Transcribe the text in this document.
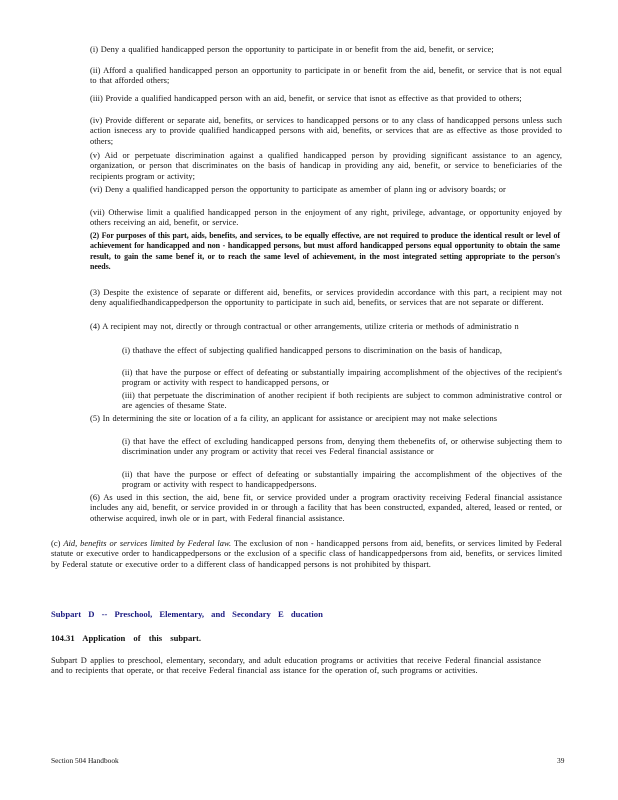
(i) Deny a qualified handicapped person the opportunity to participate in or benefit from the aid, benefit, or service;
(ii) Afford a qualified handicapped person an opportunity to participate in or benefit from the aid, benefit, or service that is not equal to that afforded others;
(iii) Provide a qualified handicapped person with an aid, benefit, or service that isnot as effective as that provided to others;
(iv) Provide different or separate aid, benefits, or services to handicapped persons or to any class of handicapped persons unless such action isnecess ary to provide qualified handicapped persons with aid, benefits, or services that are as effective as those provided to others;
(v) Aid or perpetuate discrimination against a qualified handicapped person by providing significant assistance to an agency, organization, or person that discriminates on the basis of handicap in providing any aid, benefit, or service to beneficiaries of the recipients program or activity;
(vi) Deny a qualified handicapped person the opportunity to participate as amember of plann ing or advisory boards; or
(vii) Otherwise limit a qualified handicapped person in the enjoyment of any right, privilege, advantage, or opportunity enjoyed by others receiving an aid, benefit, or service.
(2) For purposes of this part, aids, benefits, and services, to be equally effective, are not required to produce the identical result or level of achievement for handicapped and non - handicapped persons, but must afford handicapped persons equal opportunity to obtain the same result, to gain the same benef it, or to reach the same level of achievement, in the most integrated setting appropriate to the person's needs.
(3) Despite the existence of separate or different aid, benefits, or services providedin accordance with this part, a recipient may not deny aqualifiedhandicappedperson the opportunity to participate in such aid, benefits, or services that are not separate or different.
(4) A recipient may not, directly or through contractual or other arrangements, utilize criteria or methods of administratio n
(i) thathave the effect of subjecting qualified handicapped persons to discrimination on the basis of handicap,
(ii) that have the purpose or effect of defeating or substantially impairing accomplishment of the objectives of the recipient's program or activity with respect to handicapped persons, or
(iii) that perpetuate the discrimination of another recipient if both recipients are subject to common administrative control or are agencies of thesame State.
(5) In determining the site or location of a fa cility, an applicant for assistance or arecipient may not make selections
(i) that have the effect of excluding handicapped persons from, denying them thebenefits of, or otherwise subjecting them to discrimination under any program or activity that recei ves Federal financial assistance or
(ii) that have the purpose or effect of defeating or substantially impairing the accomplishment of the objectives of the program or activity with respect to handicappedpersons.
(6) As used in this section, the aid, bene fit, or service provided under a program oractivity receiving Federal financial assistance includes any aid, benefit, or service provided in or through a facility that has been constructed, expanded, altered, leased or rented, or otherwise acquired, inwh ole or in part, with Federal financial assistance.
(c) Aid, benefits or services limited by Federal law. The exclusion of non - handicapped persons from aid, benefits, or services limited by Federal statute or executive order to handicappedpersons or the exclusion of a specific class of handicappedpersons from aid, benefits, or services limited by Federal statute or executive order to a different class of handicapped persons is not prohibited by thispart.
Subpart D -- Preschool, Elementary, and Secondary E ducation
104.31 Application of this subpart.
Subpart D applies to preschool, elementary, secondary, and adult education programs or activities that receive Federal financial assistance and to recipients that operate, or that receive Federal financial ass istance for the operation of, such programs or activities.
Section 504 Handbook	39
